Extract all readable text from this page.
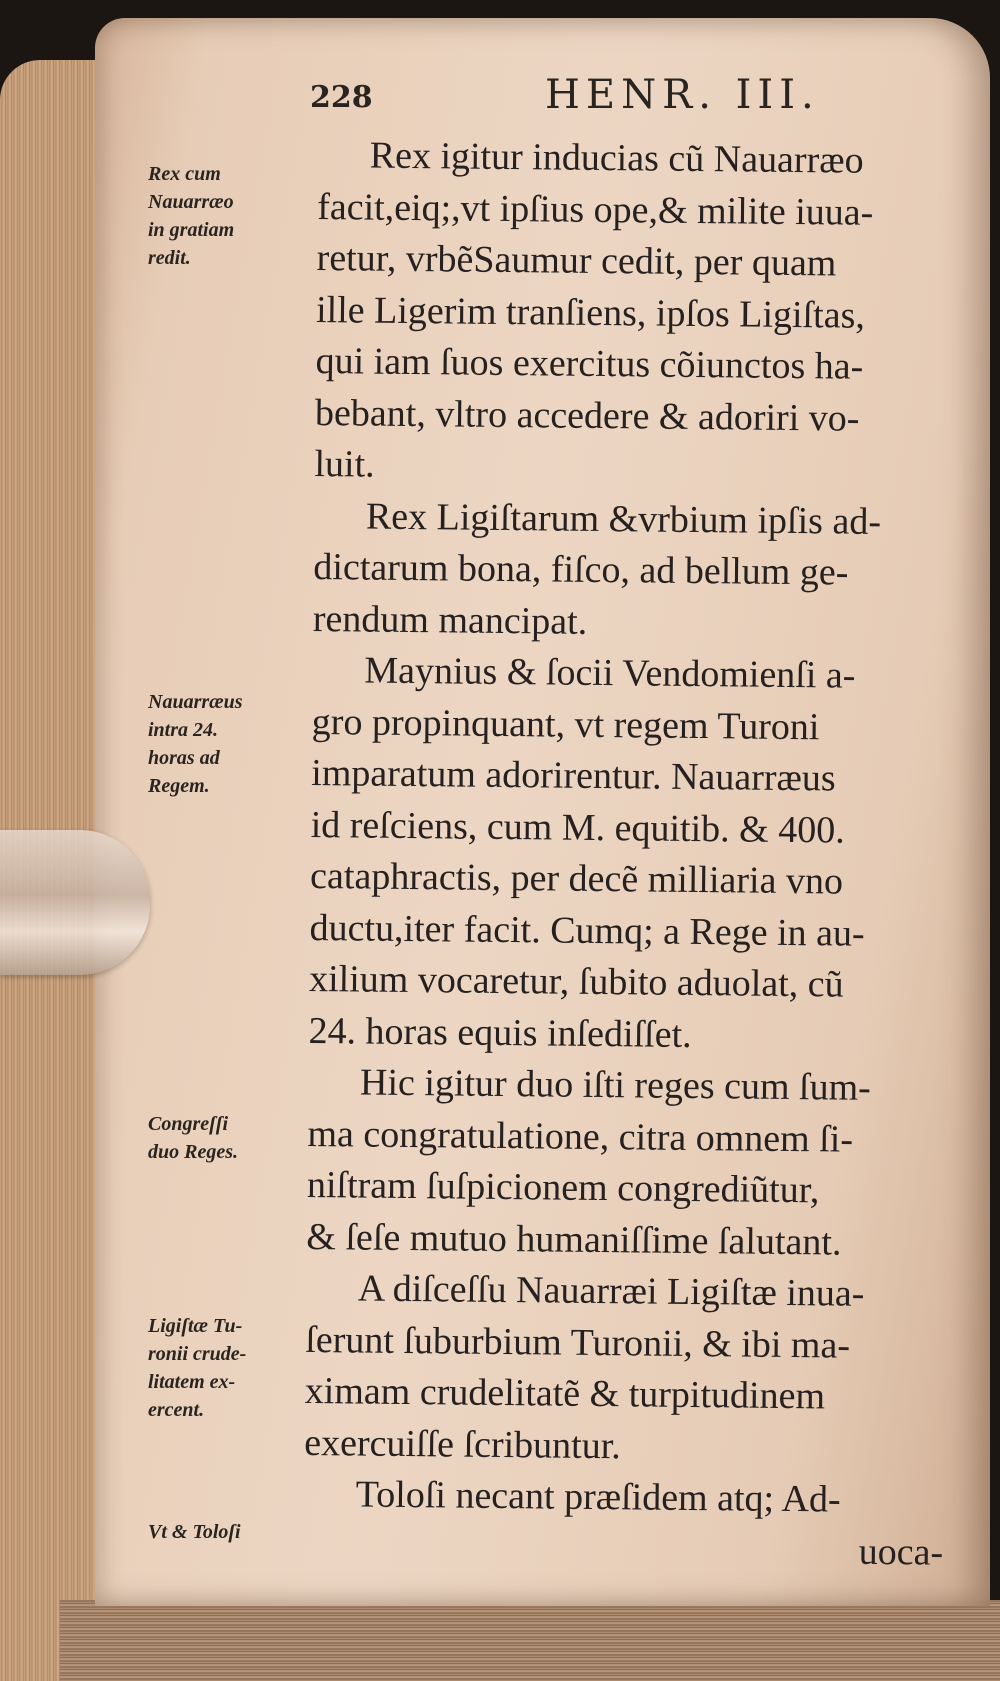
228	HENR. III.
Rex igitur inducias cũ Nauarræo
facit,eiq;,vt ipſius ope,& milite iuua-
retur, vrbẽSaumur cedit, per quam
ille Ligerim tranſiens, ipſos Ligiſtas,
qui iam ſuos exercitus cõiunctos ha-
bebant, vltro accedere & adoriri vo-
luit.
Rex Ligiſtarum &vrbium ipſis ad-
dictarum bona, fiſco, ad bellum ge-
rendum mancipat.
Maynius & ſocii Vendomienſi a-
gro propinquant, vt regem Turoni
imparatum adorirentur. Nauarræus
id reſciens, cum M. equitib. & 400.
cataphractis, per decẽ milliaria vno
ductu,iter facit. Cumq; a Rege in au-
xilium vocaretur, ſubito aduolat, cũ
24. horas equis inſediſſet.
Hic igitur duo iſti reges cum ſum-
ma congratulatione, citra omnem ſi-
niſtram ſuſpicionem congrediũtur,
& ſeſe mutuo humaniſſime ſalutant.
A diſceſſu Nauarræi Ligiſtæ inua-
ſerunt ſuburbium Turonii, & ibi ma-
ximam crudelitatẽ & turpitudinem
exercuiſſe ſcribuntur.
Toloſi necant præſidem atq; Ad-
uoca-
Rex cum
Nauarræo
in gratiam
redit.
Nauarræus
intra 24.
horas ad
Regem.
Congreſſi
duo Reges.
Ligiſtæ Tu-
ronii crude-
litatem ex-
ercent.
Vt & Toloſi
